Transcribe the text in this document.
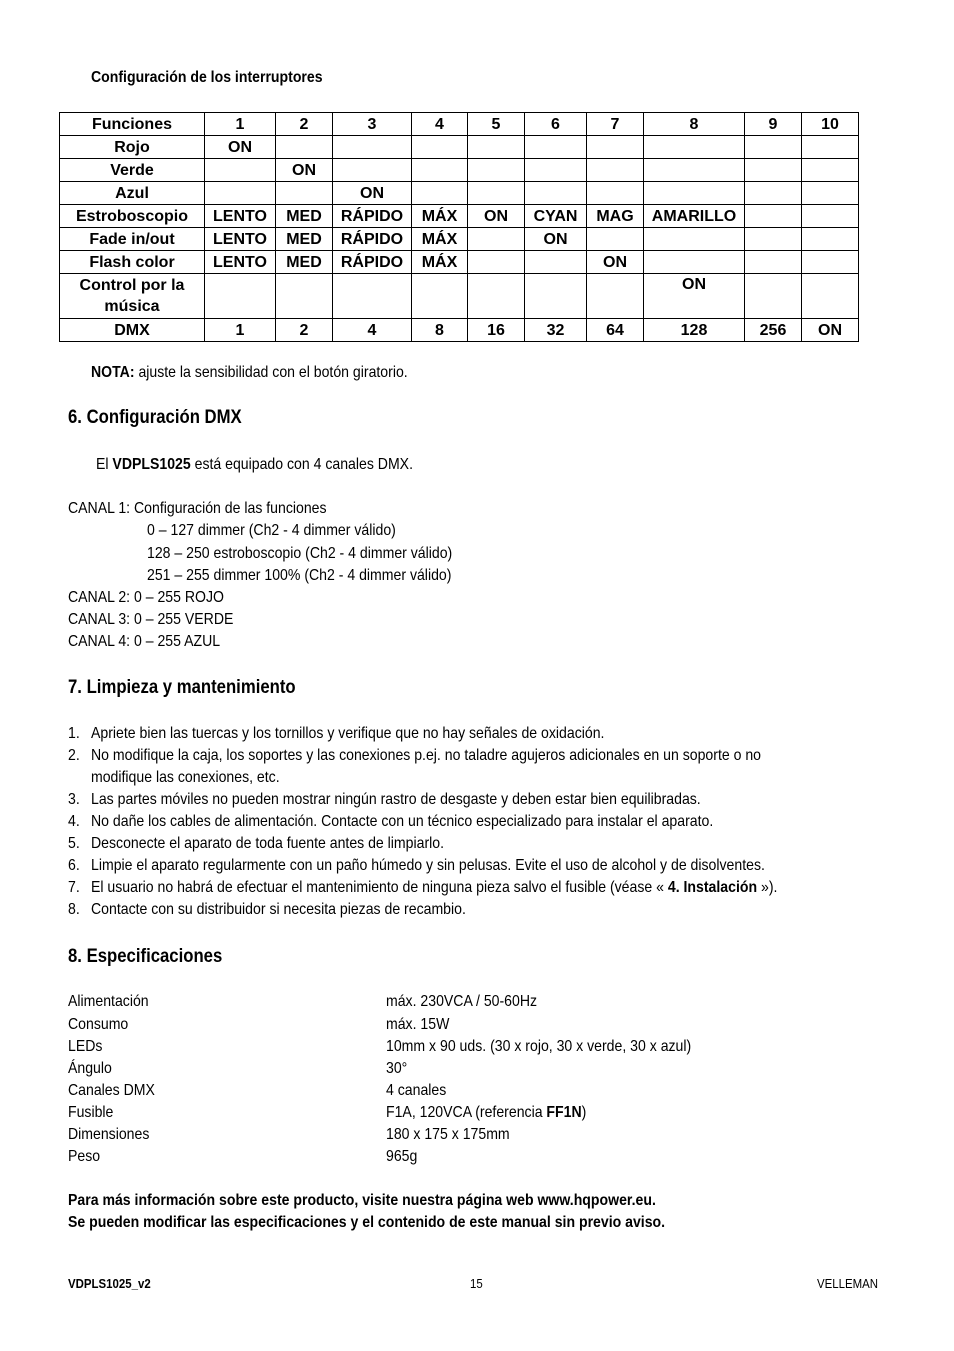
Configuración de los interruptores
Funciones	1	2	3	4	5	6	7	8	9	10
Rojo	ON									
Verde		ON								
Azul			ON							
Estroboscopio	LENTO	MED	RÁPIDO	MÁX	ON	CYAN	MAG	AMARILLO		
Fade in/out	LENTO	MED	RÁPIDO	MÁX		ON				
Flash color	LENTO	MED	RÁPIDO	MÁX			ON			
Control por la música								ON		
DMX	1	2	4	8	16	32	64	128	256	ON
NOTA: ajuste la sensibilidad con el botón giratorio.
6. Configuración DMX
El VDPLS1025 está equipado con 4 canales DMX.
CANAL 1: Configuración de las funciones
0 – 127 dimmer (Ch2 - 4 dimmer válido)
128 – 250 estroboscopio (Ch2 - 4 dimmer válido)
251 – 255 dimmer 100% (Ch2 - 4 dimmer válido)
CANAL 2: 0 – 255 ROJO
CANAL 3: 0 – 255 VERDE
CANAL 4: 0 – 255 AZUL
7. Limpieza y mantenimiento
1. Apriete bien las tuercas y los tornillos y verifique que no hay señales de oxidación.
2. No modifique la caja, los soportes y las conexiones p.ej. no taladre agujeros adicionales en un soporte o no
modifique las conexiones, etc.
3. Las partes móviles no pueden mostrar ningún rastro de desgaste y deben estar bien equilibradas.
4. No dañe los cables de alimentación. Contacte con un técnico especializado para instalar el aparato.
5. Desconecte el aparato de toda fuente antes de limpiarlo.
6. Limpie el aparato regularmente con un paño húmedo y sin pelusas. Evite el uso de alcohol y de disolventes.
7. El usuario no habrá de efectuar el mantenimiento de ninguna pieza salvo el fusible (véase « 4. Instalación »).
8. Contacte con su distribuidor si necesita piezas de recambio.
8. Especificaciones
Alimentación	máx. 230VCA / 50-60Hz
Consumo	máx. 15W
LEDs	10mm x 90 uds. (30 x rojo, 30 x verde, 30 x azul)
Ángulo	30°
Canales DMX	4 canales
Fusible	F1A, 120VCA (referencia FF1N)
Dimensiones	180 x 175 x 175mm
Peso	965g
Para más información sobre este producto, visite nuestra página web www.hqpower.eu.
Se pueden modificar las especificaciones y el contenido de este manual sin previo aviso.
VDPLS1025_v2	15	VELLEMAN
